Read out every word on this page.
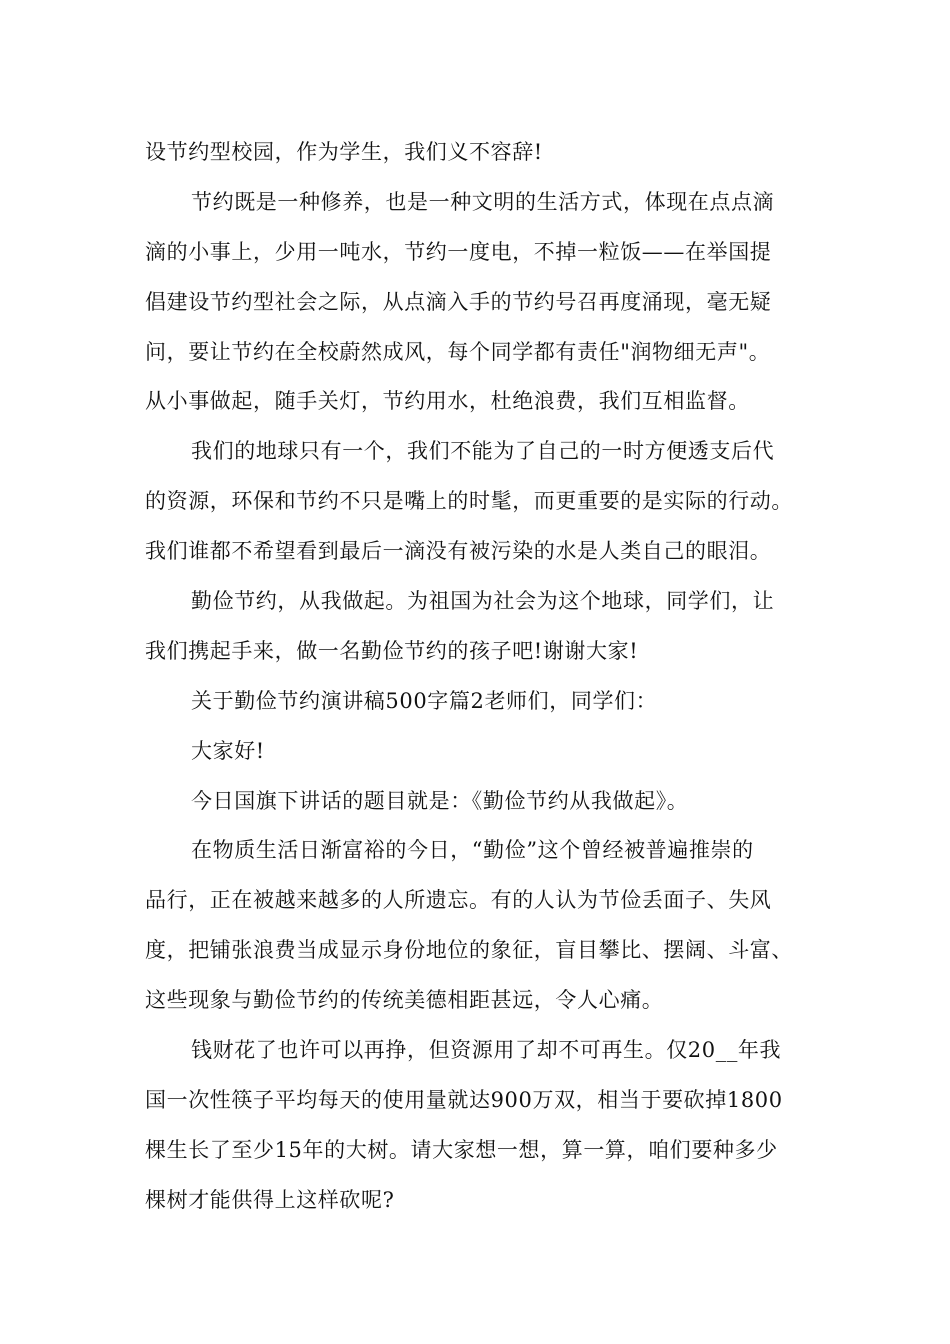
设节约型校园，作为学生，我们义不容辞!
节约既是一种修养，也是一种文明的生活方式，体现在点点滴
滴的小事上，少用一吨水，节约一度电，不掉一粒饭——在举国提
倡建设节约型社会之际，从点滴入手的节约号召再度涌现，毫无疑
问，要让节约在全校蔚然成风，每个同学都有责任"润物细无声"。
从小事做起，随手关灯，节约用水，杜绝浪费，我们互相监督。
我们的地球只有一个，我们不能为了自己的一时方便透支后代
的资源，环保和节约不只是嘴上的时髦，而更重要的是实际的行动。
我们谁都不希望看到最后一滴没有被污染的水是人类自己的眼泪。
勤俭节约，从我做起。为祖国为社会为这个地球，同学们，让
我们携起手来，做一名勤俭节约的孩子吧!谢谢大家!
关于勤俭节约演讲稿500字篇2老师们，同学们：
大家好!
今日国旗下讲话的题目就是：《勤俭节约从我做起》。
在物质生活日渐富裕的今日，“勤俭”这个曾经被普遍推崇的
品行，正在被越来越多的人所遗忘。有的人认为节俭丢面子、失风
度，把铺张浪费当成显示身份地位的象征，盲目攀比、摆阔、斗富、
这些现象与勤俭节约的传统美德相距甚远，令人心痛。
钱财花了也许可以再挣，但资源用了却不可再生。仅20__年我
国一次性筷子平均每天的使用量就达900万双，相当于要砍掉1800
棵生长了至少15年的大树。请大家想一想，算一算，咱们要种多少
棵树才能供得上这样砍呢?
